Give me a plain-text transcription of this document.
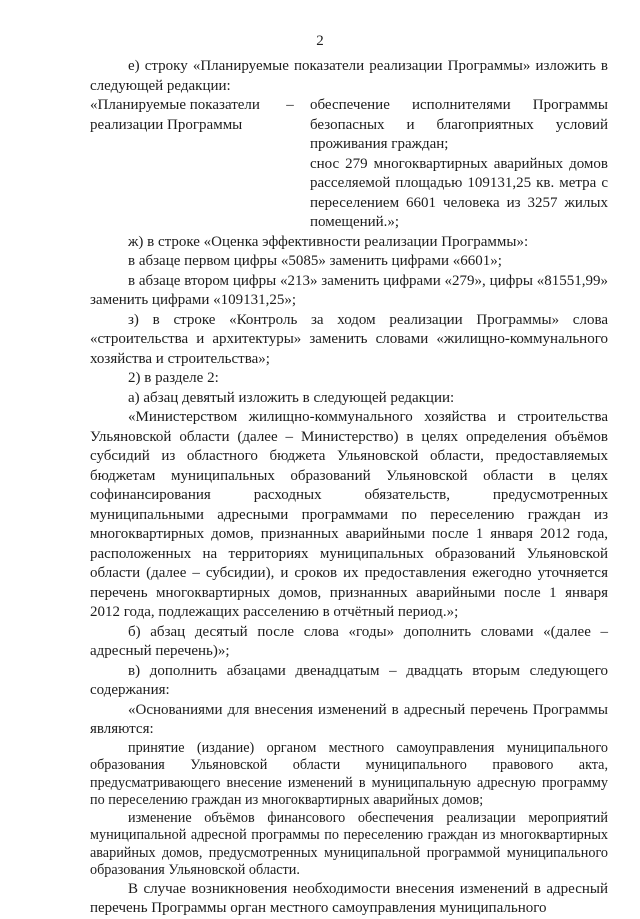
2

е) строку «Планируемые показатели реализации Программы» изложить в следующей редакции:

«Планируемые показатели реализации Программы
–	обеспечение исполнителями Программы безопасных и благоприятных условий проживания граждан;

снос 279 многоквартирных аварийных домов расселяемой площадью 109131,25 кв. метра с переселением 6601 человека из 3257 жилых помещений.»;

ж) в строке «Оценка эффективности реализации Программы»:

в абзаце первом цифры «5085» заменить цифрами «6601»;

в абзаце втором цифры «213» заменить цифрами «279», цифры «81551,99» заменить цифрами «109131,25»;

з) в строке «Контроль за ходом реализации Программы» слова «строительства и архитектуры» заменить словами «жилищно-коммунального хозяйства и строительства»;

2) в разделе 2:

а) абзац девятый изложить в следующей редакции:

«Министерством жилищно-коммунального хозяйства и строительства Ульяновской области (далее – Министерство) в целях определения объёмов субсидий из областного бюджета Ульяновской области, предоставляемых бюджетам муниципальных образований Ульяновской области в целях софинансирования расходных обязательств, предусмотренных муниципальными адресными программами по переселению граждан из многоквартирных домов, признанных аварийными после 1 января 2012 года, расположенных на территориях муниципальных образований Ульяновской области (далее – субсидии), и сроков их предоставления ежегодно уточняется перечень многоквартирных домов, признанных аварийными после 1 января 2012 года, подлежащих расселению в отчётный период.»;

б) абзац десятый после слова «годы» дополнить словами «(далее – адресный перечень)»;

в) дополнить абзацами двенадцатым – двадцать вторым следующего содержания:

«Основаниями для внесения изменений в адресный перечень Программы являются:

принятие (издание) органом местного самоуправления муниципального образования Ульяновской области муниципального правового акта, предусматривающего внесение изменений в муниципальную адресную программу по переселению граждан из многоквартирных аварийных домов;

изменение объёмов финансового обеспечения реализации мероприятий муниципальной адресной программы по переселению граждан из многоквартирных аварийных домов, предусмотренных муниципальной программой муниципального образования Ульяновской области.

В случае возникновения необходимости внесения изменений в адресный перечень Программы орган местного самоуправления муниципального
